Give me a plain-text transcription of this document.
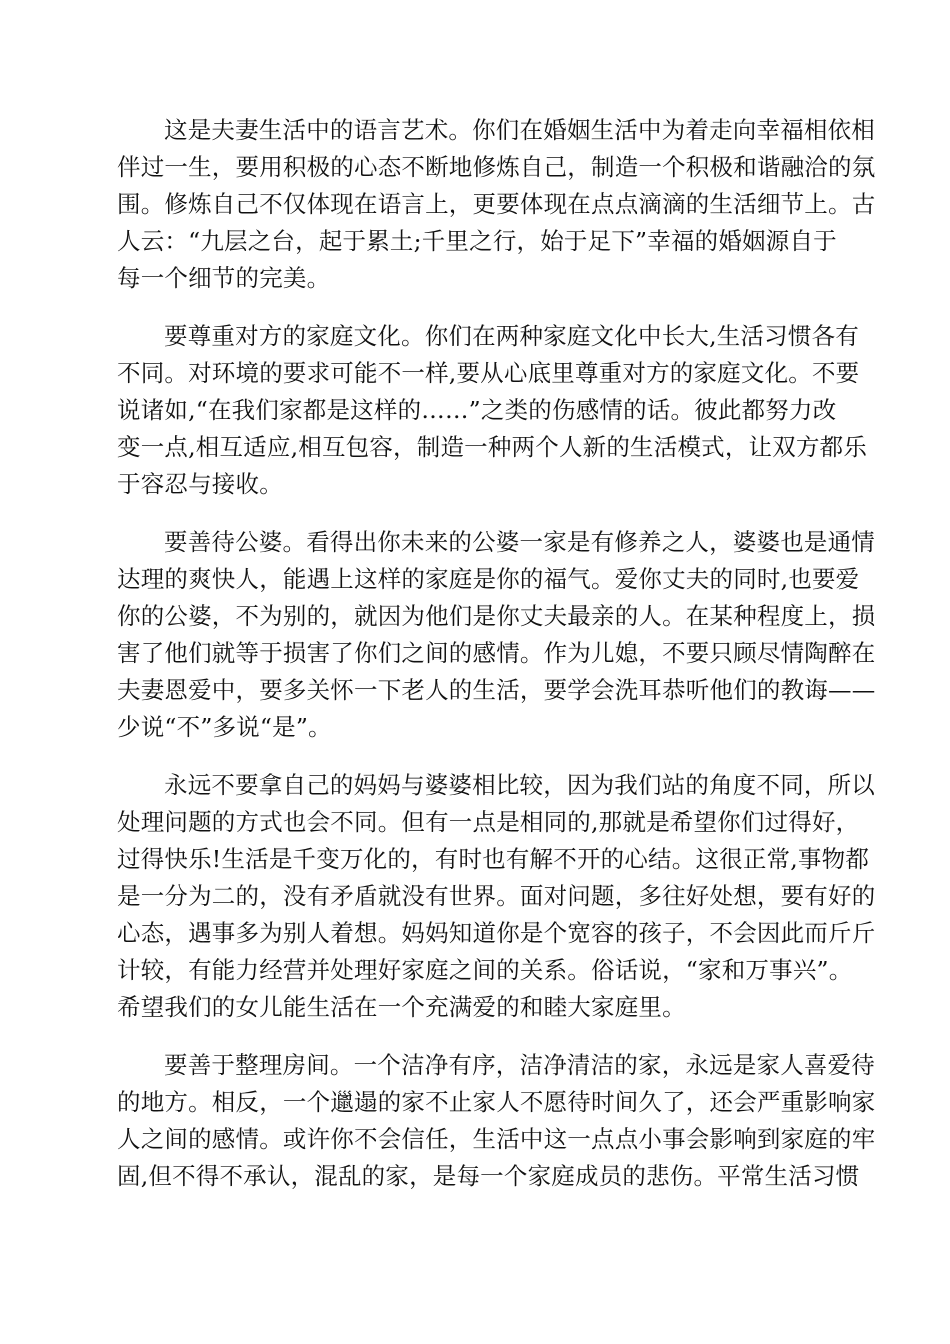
这是夫妻生活中的语言艺术。你们在婚姻生活中为着走向幸福相依相
伴过一生，要用积极的心态不断地修炼自己，制造一个积极和谐融洽的氛
围。修炼自己不仅体现在语言上，更要体现在点点滴滴的生活细节上。古
人云：“九层之台，起于累土;千里之行，始于足下”幸福的婚姻源自于
每一个细节的完美。

要尊重对方的家庭文化。你们在两种家庭文化中长大,生活习惯各有
不同。对环境的要求可能不一样,要从心底里尊重对方的家庭文化。不要
说诸如,“在我们家都是这样的……”之类的伤感情的话。彼此都努力改
变一点,相互适应,相互包容，制造一种两个人新的生活模式，让双方都乐
于容忍与接收。

要善待公婆。看得出你未来的公婆一家是有修养之人，婆婆也是通情
达理的爽快人，能遇上这样的家庭是你的福气。爱你丈夫的同时,也要爱
你的公婆，不为别的，就因为他们是你丈夫最亲的人。在某种程度上，损
害了他们就等于损害了你们之间的感情。作为儿媳，不要只顾尽情陶醉在
夫妻恩爱中，要多关怀一下老人的生活，要学会洗耳恭听他们的教诲——
少说“不”多说“是”。

永远不要拿自己的妈妈与婆婆相比较，因为我们站的角度不同，所以
处理问题的方式也会不同。但有一点是相同的,那就是希望你们过得好，
过得快乐!生活是千变万化的，有时也有解不开的心结。这很正常,事物都
是一分为二的，没有矛盾就没有世界。面对问题，多往好处想，要有好的
心态，遇事多为别人着想。妈妈知道你是个宽容的孩子，不会因此而斤斤
计较，有能力经营并处理好家庭之间的关系。俗话说，“家和万事兴”。
希望我们的女儿能生活在一个充满爱的和睦大家庭里。

要善于整理房间。一个洁净有序，洁净清洁的家，永远是家人喜爱待
的地方。相反，一个邋遢的家不止家人不愿待时间久了，还会严重影响家
人之间的感情。或许你不会信任，生活中这一点点小事会影响到家庭的牢
固,但不得不承认，混乱的家，是每一个家庭成员的悲伤。平常生活习惯
